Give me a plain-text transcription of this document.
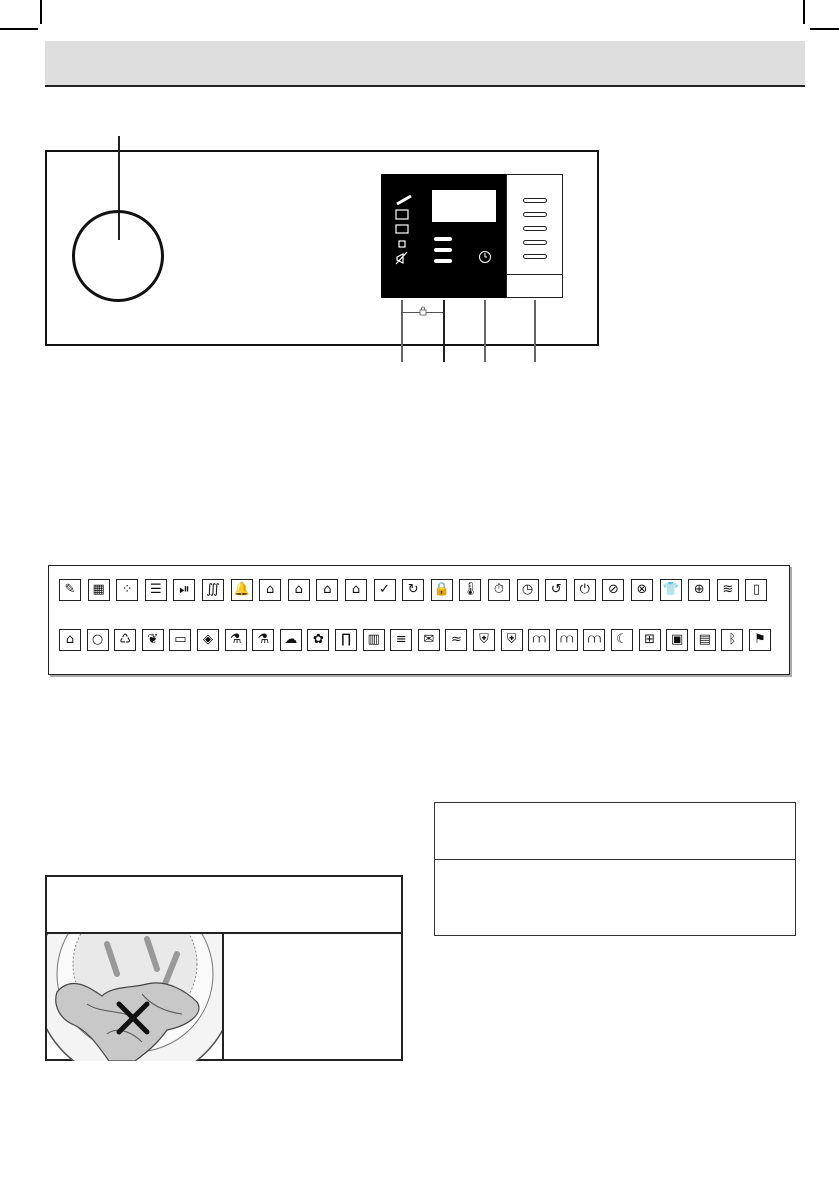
✎	▦	⁘	☰	⏯	∭	🔔	⌂	⌂	⌂	⌂	✓	↻	🔒 🌡	⏱	◷	↺	⏻	⊘	⊗	👕	⊕	≋	▯
⌂	○	♺	❦	▭	◈	⚗	⚗	☁	✿	∏	▥	≡	✉	≈	⛨	⛨	⩋	⩋	⩋	☾	⊞	▣	▤	ᛒ	⚑
